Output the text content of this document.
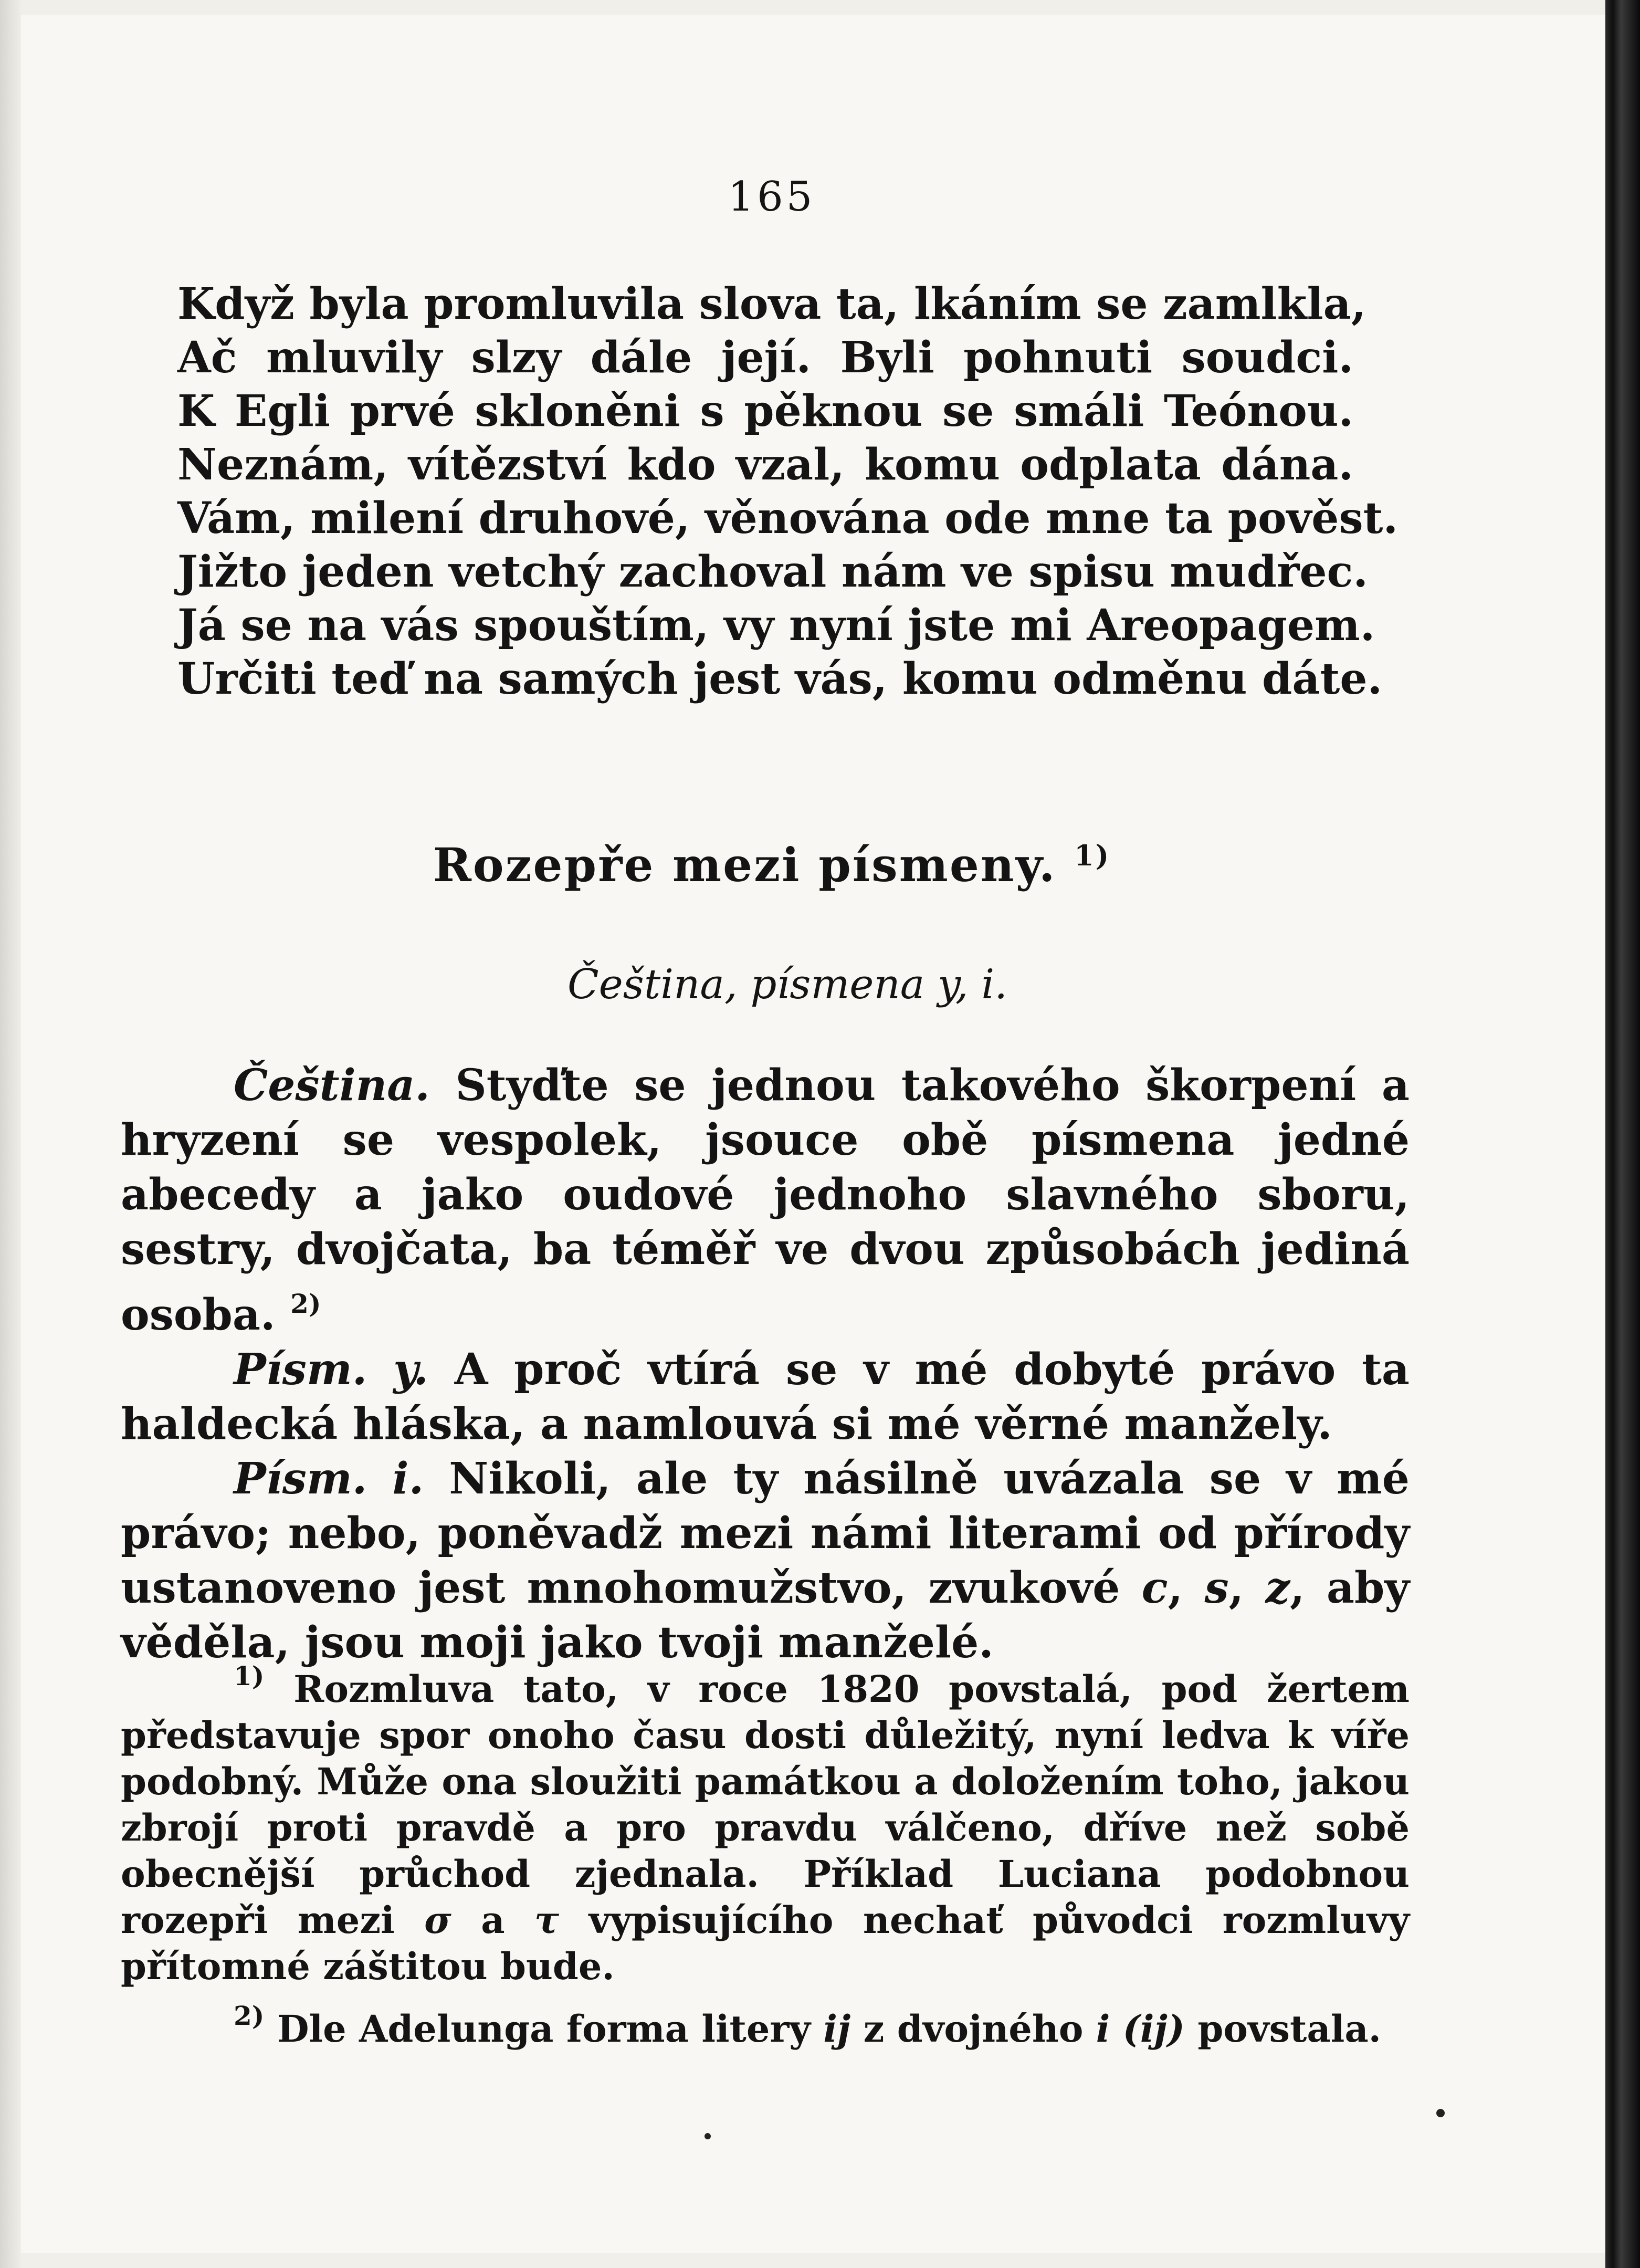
165
Když byla promluvila slova ta, lkáním se zamlkla,
Ač mluvily slzy dále její. Byli pohnuti soudci.
K Egli prvé skloněni s pěknou se smáli Teónou.
Neznám, vítězství kdo vzal, komu odplata dána.
Vám, milení druhové, věnována ode mne ta pověst.
Jižto jeden vetchý zachoval nám ve spisu mudřec.
Já se na vás spouštím, vy nyní jste mi Areopagem.
Určiti teď na samých jest vás, komu odměnu dáte.
Rozepře mezi písmeny. $^{1)}$
Čeština, písmena y, i.

Čeština. Styďte se jednou takového škorpení a hryzení se vespolek, jsouce obě písmena jedné abecedy a jako oudové jednoho slavného sboru, sestry, dvojčata, ba téměř ve dvou způsobách jediná osoba. $^{2)}$

Písm. y. A proč vtírá se v mé dobyté právo ta haldecká hláska, a namlouvá si mé věrné manžely.

Písm. i. Nikoli, ale ty násilně uvázala se v mé právo; nebo, poněvadž mezi námi literami od přírody ustanoveno jest mnohomužstvo, zvukové c, s, z, aby věděla, jsou moji jako tvoji manželé.

$^{1)}$ Rozmluva tato, v roce 1820 povstalá, pod žertem představuje spor onoho času dosti důležitý, nyní ledva k víře podobný. Může ona sloužiti památkou a doložením toho, jakou zbrojí proti pravdě a pro pravdu válčeno, dříve než sobě obecnější průchod zjednala. Příklad Luciana podobnou rozepři mezi σ a τ vypisujícího nechať původci rozmluvy přítomné záštitou bude.

$^{2)}$ Dle Adelunga forma litery ij z dvojného i (ij) povstala.
